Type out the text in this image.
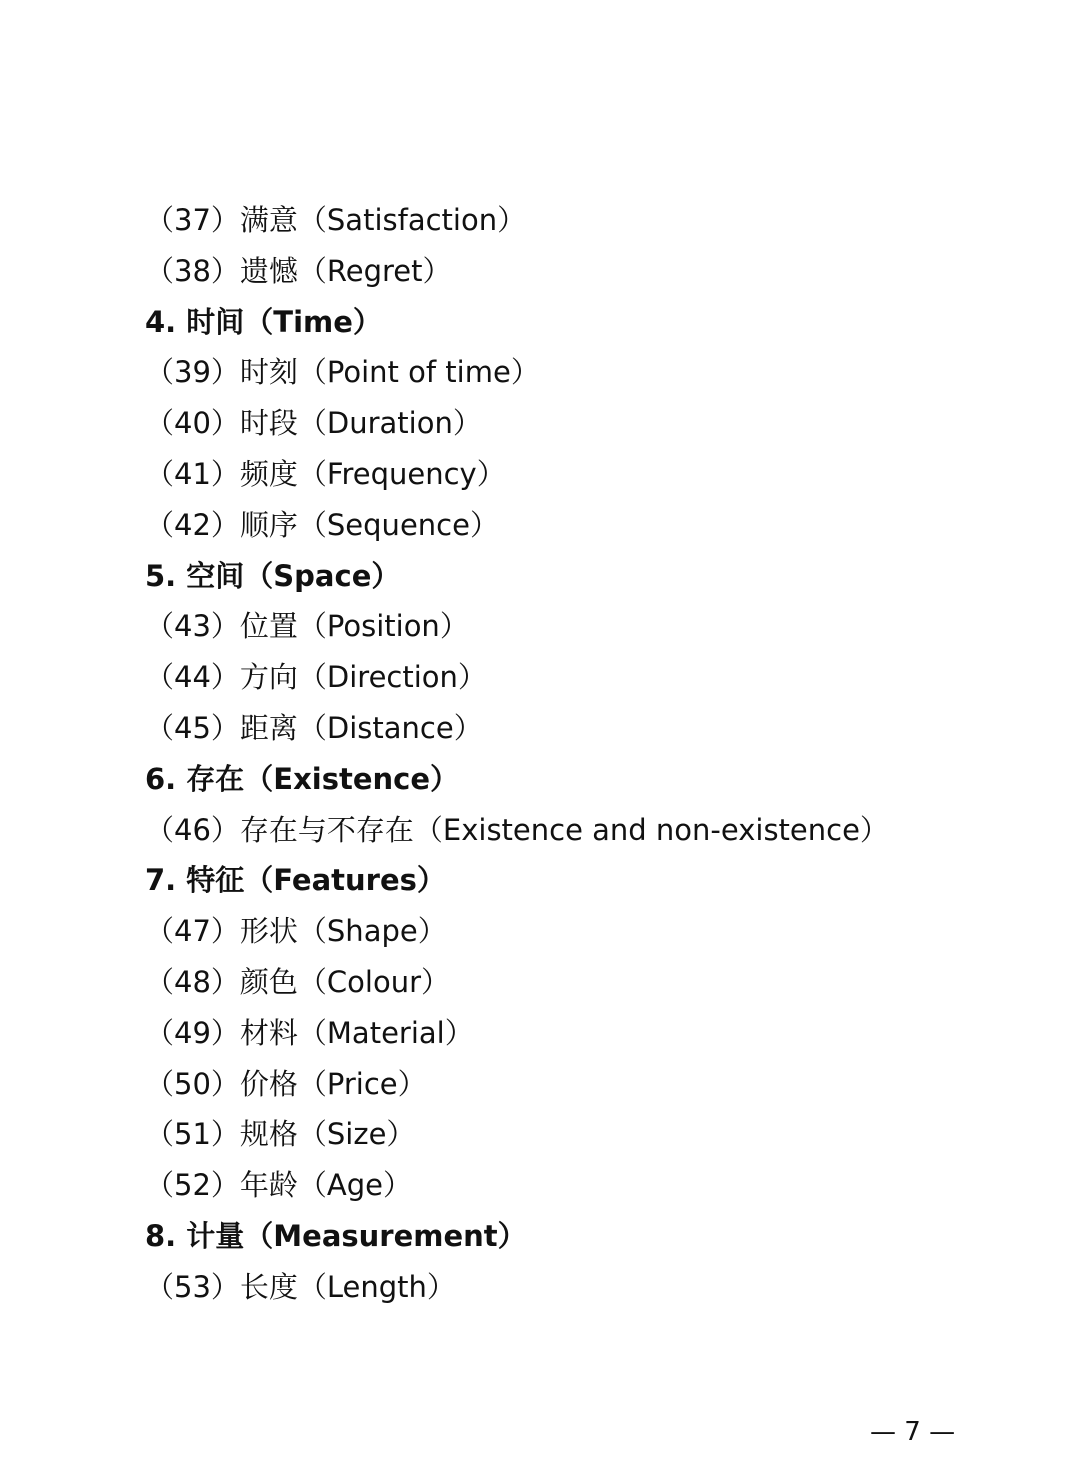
（37）满意（Satisfaction）
（38）遗憾（Regret）
4. 时间（Time）
（39）时刻（Point of time）
（40）时段（Duration）
（41）频度（Frequency）
（42）顺序（Sequence）
5. 空间（Space）
（43）位置（Position）
（44）方向（Direction）
（45）距离（Distance）
6. 存在（Existence）
（46）存在与不存在（Existence and non-existence）
7. 特征（Features）
（47）形状（Shape）
（48）颜色（Colour）
（49）材料（Material）
（50）价格（Price）
（51）规格（Size）
（52）年龄（Age）
8. 计量（Measurement）
（53）长度（Length）
— 7 —
